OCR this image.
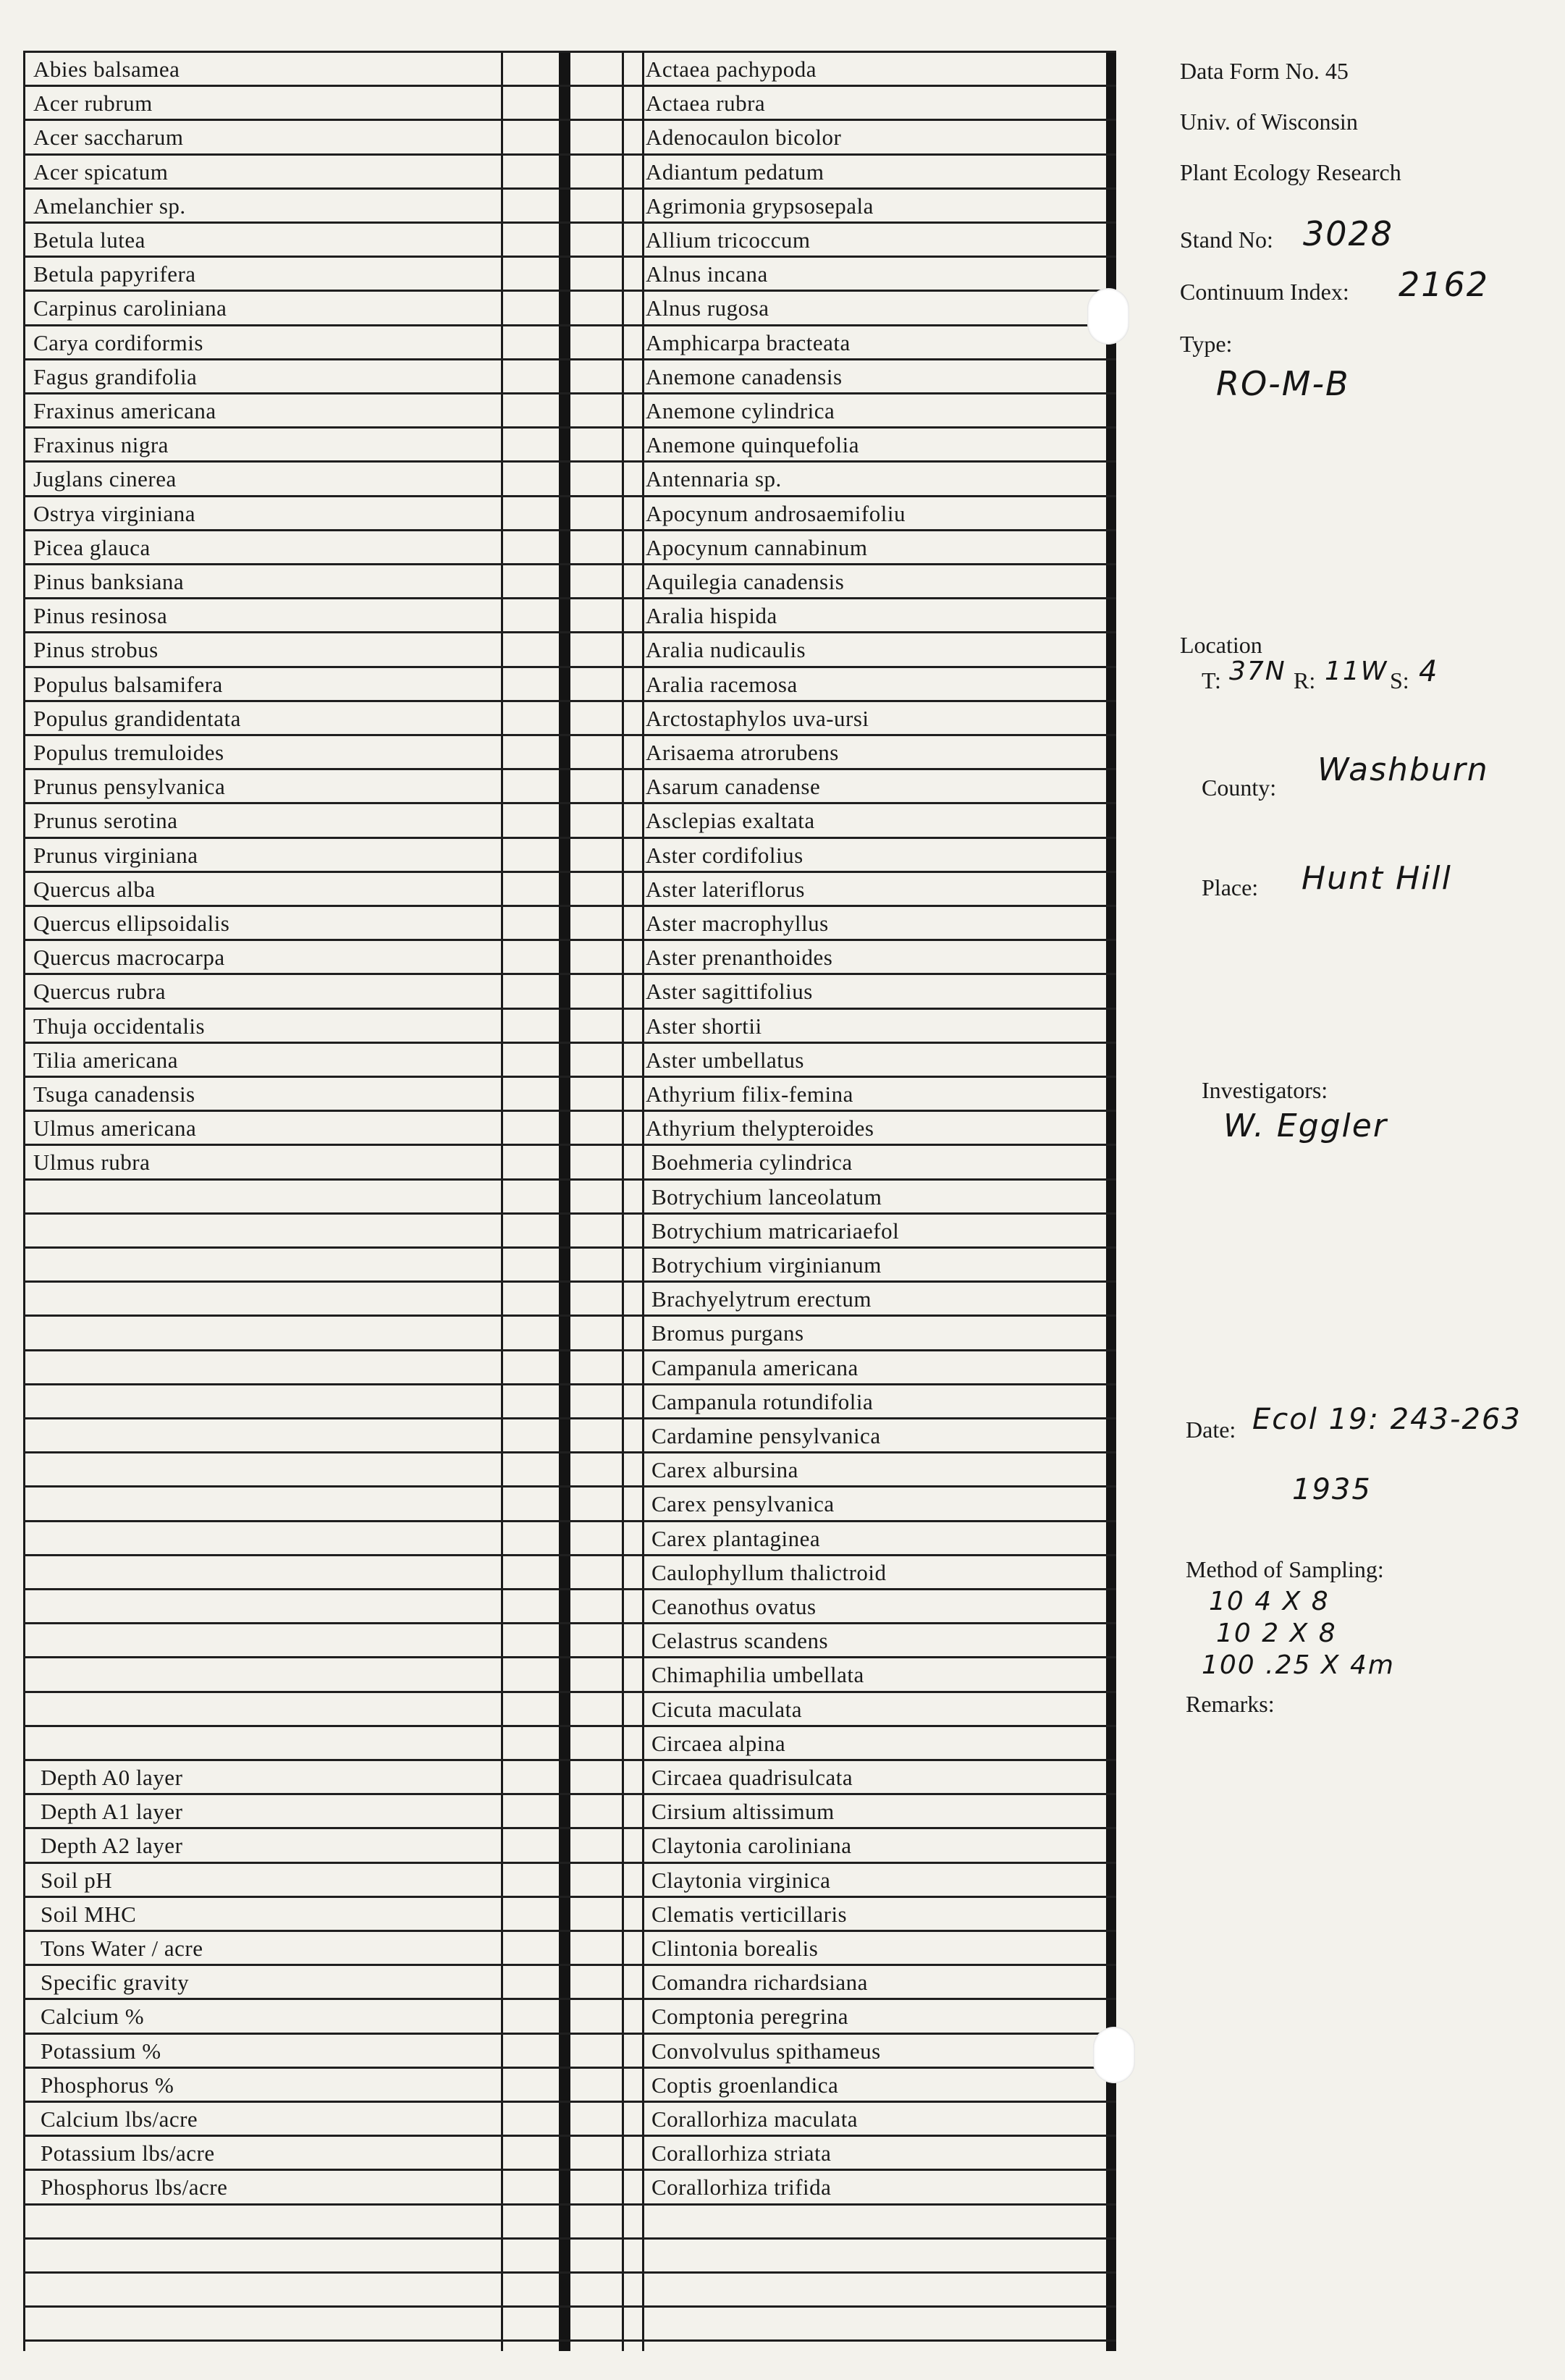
Abies balsamea
Acer rubrum
Acer saccharum
Acer spicatum
Amelanchier sp.
Betula lutea
Betula papyrifera
Carpinus caroliniana
Carya cordiformis
Fagus grandifolia
Fraxinus americana
Fraxinus nigra
Juglans cinerea
Ostrya virginiana
Picea glauca
Pinus banksiana
Pinus resinosa
Pinus strobus
Populus balsamifera
Populus grandidentata
Populus tremuloides
Prunus pensylvanica
Prunus serotina
Prunus virginiana
Quercus alba
Quercus ellipsoidalis
Quercus macrocarpa
Quercus rubra
Thuja occidentalis
Tilia americana
Tsuga canadensis
Ulmus americana
Ulmus rubra
Depth A0 layer
Depth A1 layer
Depth A2 layer
Soil pH
Soil MHC
Tons Water / acre
Specific gravity
Calcium %
Potassium %
Phosphorus %
Calcium lbs/acre
Potassium lbs/acre
Phosphorus lbs/acre
Actaea pachypoda
Actaea rubra
Adenocaulon bicolor
Adiantum pedatum
Agrimonia grypsosepala
Allium tricoccum
Alnus incana
Alnus rugosa
Amphicarpa bracteata
Anemone canadensis
Anemone cylindrica
Anemone quinquefolia
Antennaria sp.
Apocynum androsaemifoliu
Apocynum cannabinum
Aquilegia canadensis
Aralia hispida
Aralia nudicaulis
Aralia racemosa
Arctostaphylos uva-ursi
Arisaema atrorubens
Asarum canadense
Asclepias exaltata
Aster cordifolius
Aster lateriflorus
Aster macrophyllus
Aster prenanthoides
Aster sagittifolius
Aster shortii
Aster umbellatus
Athyrium filix-femina
Athyrium thelypteroides
Boehmeria cylindrica
Botrychium lanceolatum
Botrychium matricariaefol
Botrychium virginianum
Brachyelytrum erectum
Bromus purgans
Campanula americana
Campanula rotundifolia
Cardamine pensylvanica
Carex albursina
Carex pensylvanica
Carex plantaginea
Caulophyllum thalictroid
Ceanothus ovatus
Celastrus scandens
Chimaphilia umbellata
Cicuta maculata
Circaea alpina
Circaea quadrisulcata
Cirsium altissimum
Claytonia caroliniana
Claytonia virginica
Clematis verticillaris
Clintonia borealis
Comandra richardsiana
Comptonia peregrina
Convolvulus spithameus
Coptis groenlandica
Corallorhiza maculata
Corallorhiza striata
Corallorhiza trifida
Data Form No. 45
Univ. of Wisconsin
Plant Ecology Research
Stand No: 3028
Continuum Index: 2162
Type:
RO-M-B
Location
T: 37N R: 11W S: 4
County: Washburn
Place: Hunt Hill
Investigators:
W. Eggler
Date: Ecol 19: 243-263
1935
Method of Sampling:
10 4 X 8
10 2 X 8
100 .25 X 4m
Remarks:
